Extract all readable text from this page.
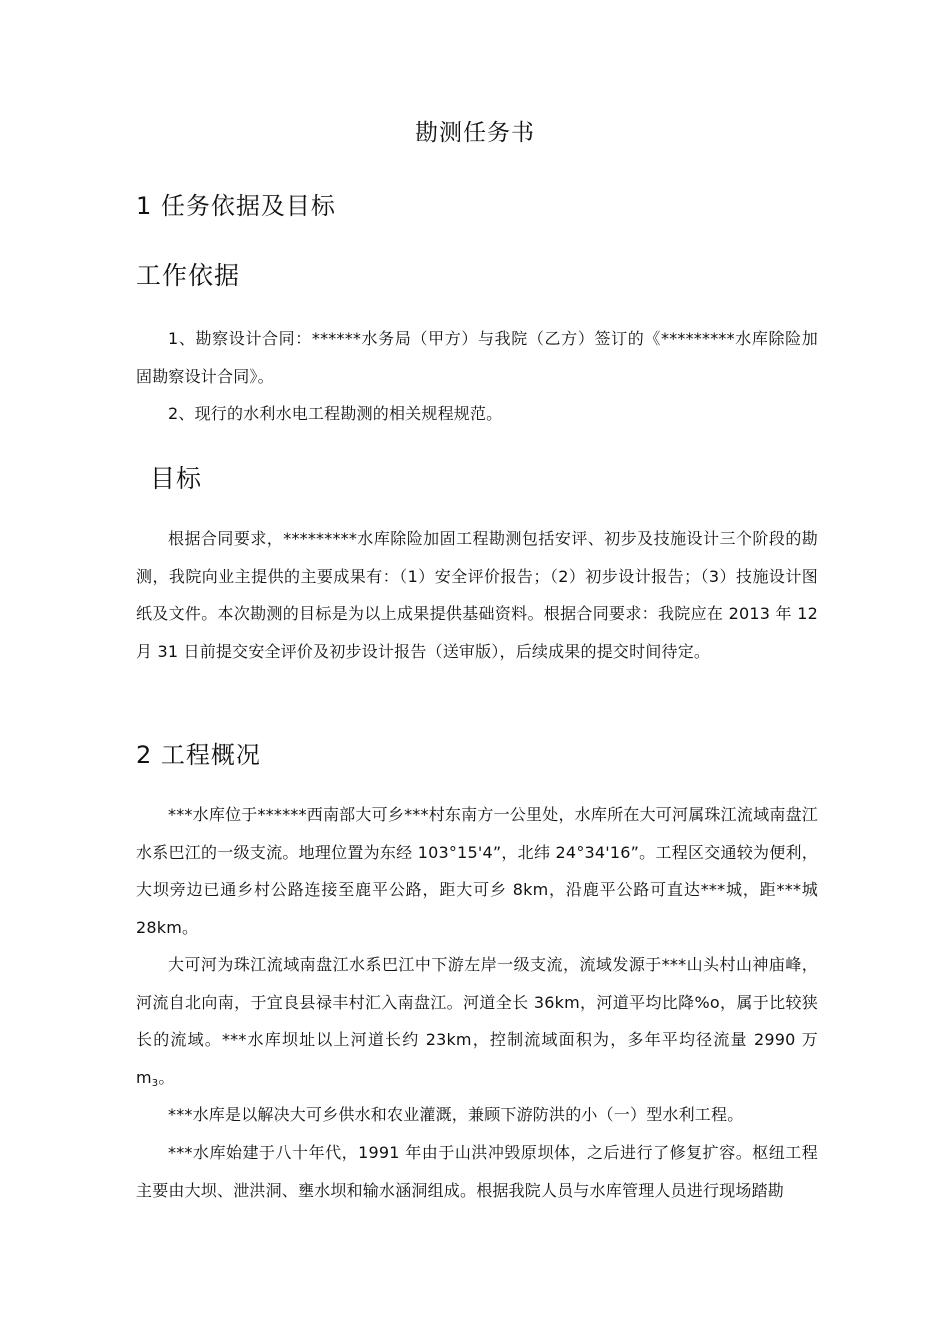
勘测任务书
1 任务依据及目标
工作依据
1、勘察设计合同：******水务局（甲方）与我院（乙方）签订的《*********水库除险加固勘察设计合同》。
2、现行的水利水电工程勘测的相关规程规范。
目标
根据合同要求，*********水库除险加固工程勘测包括安评、初步及技施设计三个阶段的勘测，我院向业主提供的主要成果有：（1）安全评价报告；（2）初步设计报告；（3）技施设计图纸及文件。本次勘测的目标是为以上成果提供基础资料。根据合同要求：我院应在 2013 年 12 月 31 日前提交安全评价及初步设计报告（送审版），后续成果的提交时间待定。
2 工程概况
***水库位于******西南部大可乡***村东南方一公里处，水库所在大可河属珠江流域南盘江水系巴江的一级支流。地理位置为东经 103°15'4”，北纬 24°34'16”。工程区交通较为便利，大坝旁边已通乡村公路连接至鹿平公路，距大可乡 8km，沿鹿平公路可直达***城，距***城 28km。
大可河为珠江流域南盘江水系巴江中下游左岸一级支流，流域发源于***山头村山神庙峰，河流自北向南，于宜良县禄丰村汇入南盘江。河道全长 36km，河道平均比降%o，属于比较狭长的流域。***水库坝址以上河道长约 23km，控制流域面积为，多年平均径流量 2990 万 $m_3$。
***水库是以解决大可乡供水和农业灌溉，兼顾下游防洪的小（一）型水利工程。
***水库始建于八十年代，1991 年由于山洪冲毁原坝体，之后进行了修复扩容。枢纽工程主要由大坝、泄洪洞、壅水坝和输水涵洞组成。根据我院人员与水库管理人员进行现场踏勘
